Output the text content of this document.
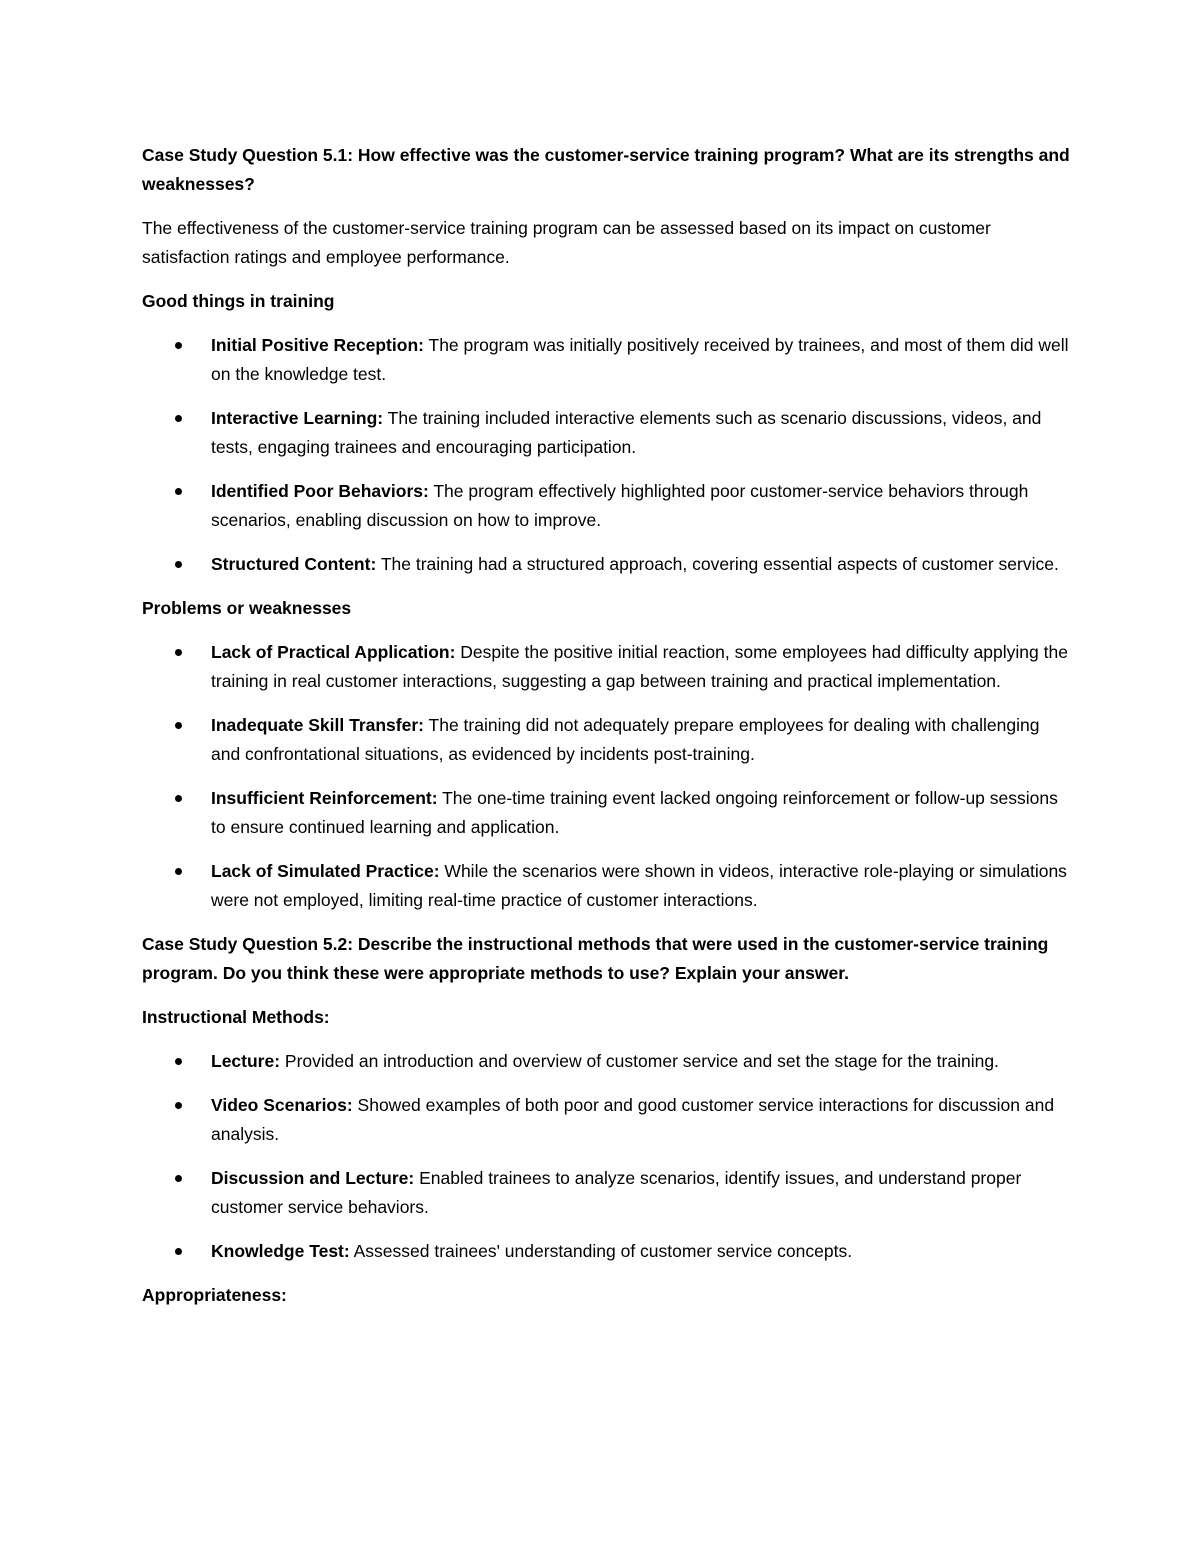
Case Study Question 5.1: How effective was the customer-service training program? What are its strengths and weaknesses?

The effectiveness of the customer-service training program can be assessed based on its impact on customer satisfaction ratings and employee performance.

Good things in training

Initial Positive Reception: The program was initially positively received by trainees, and most of them did well on the knowledge test.
Interactive Learning: The training included interactive elements such as scenario discussions, videos, and tests, engaging trainees and encouraging participation.
Identified Poor Behaviors: The program effectively highlighted poor customer-service behaviors through scenarios, enabling discussion on how to improve.
Structured Content: The training had a structured approach, covering essential aspects of customer service.

Problems or weaknesses

Lack of Practical Application: Despite the positive initial reaction, some employees had difficulty applying the training in real customer interactions, suggesting a gap between training and practical implementation.
Inadequate Skill Transfer: The training did not adequately prepare employees for dealing with challenging and confrontational situations, as evidenced by incidents post-training.
Insufficient Reinforcement: The one-time training event lacked ongoing reinforcement or follow-up sessions to ensure continued learning and application.
Lack of Simulated Practice: While the scenarios were shown in videos, interactive role-playing or simulations were not employed, limiting real-time practice of customer interactions.

Case Study Question 5.2: Describe the instructional methods that were used in the customer-service training program. Do you think these were appropriate methods to use? Explain your answer.

Instructional Methods:

Lecture: Provided an introduction and overview of customer service and set the stage for the training.
Video Scenarios: Showed examples of both poor and good customer service interactions for discussion and analysis.
Discussion and Lecture: Enabled trainees to analyze scenarios, identify issues, and understand proper customer service behaviors.
Knowledge Test: Assessed trainees' understanding of customer service concepts.

Appropriateness:
